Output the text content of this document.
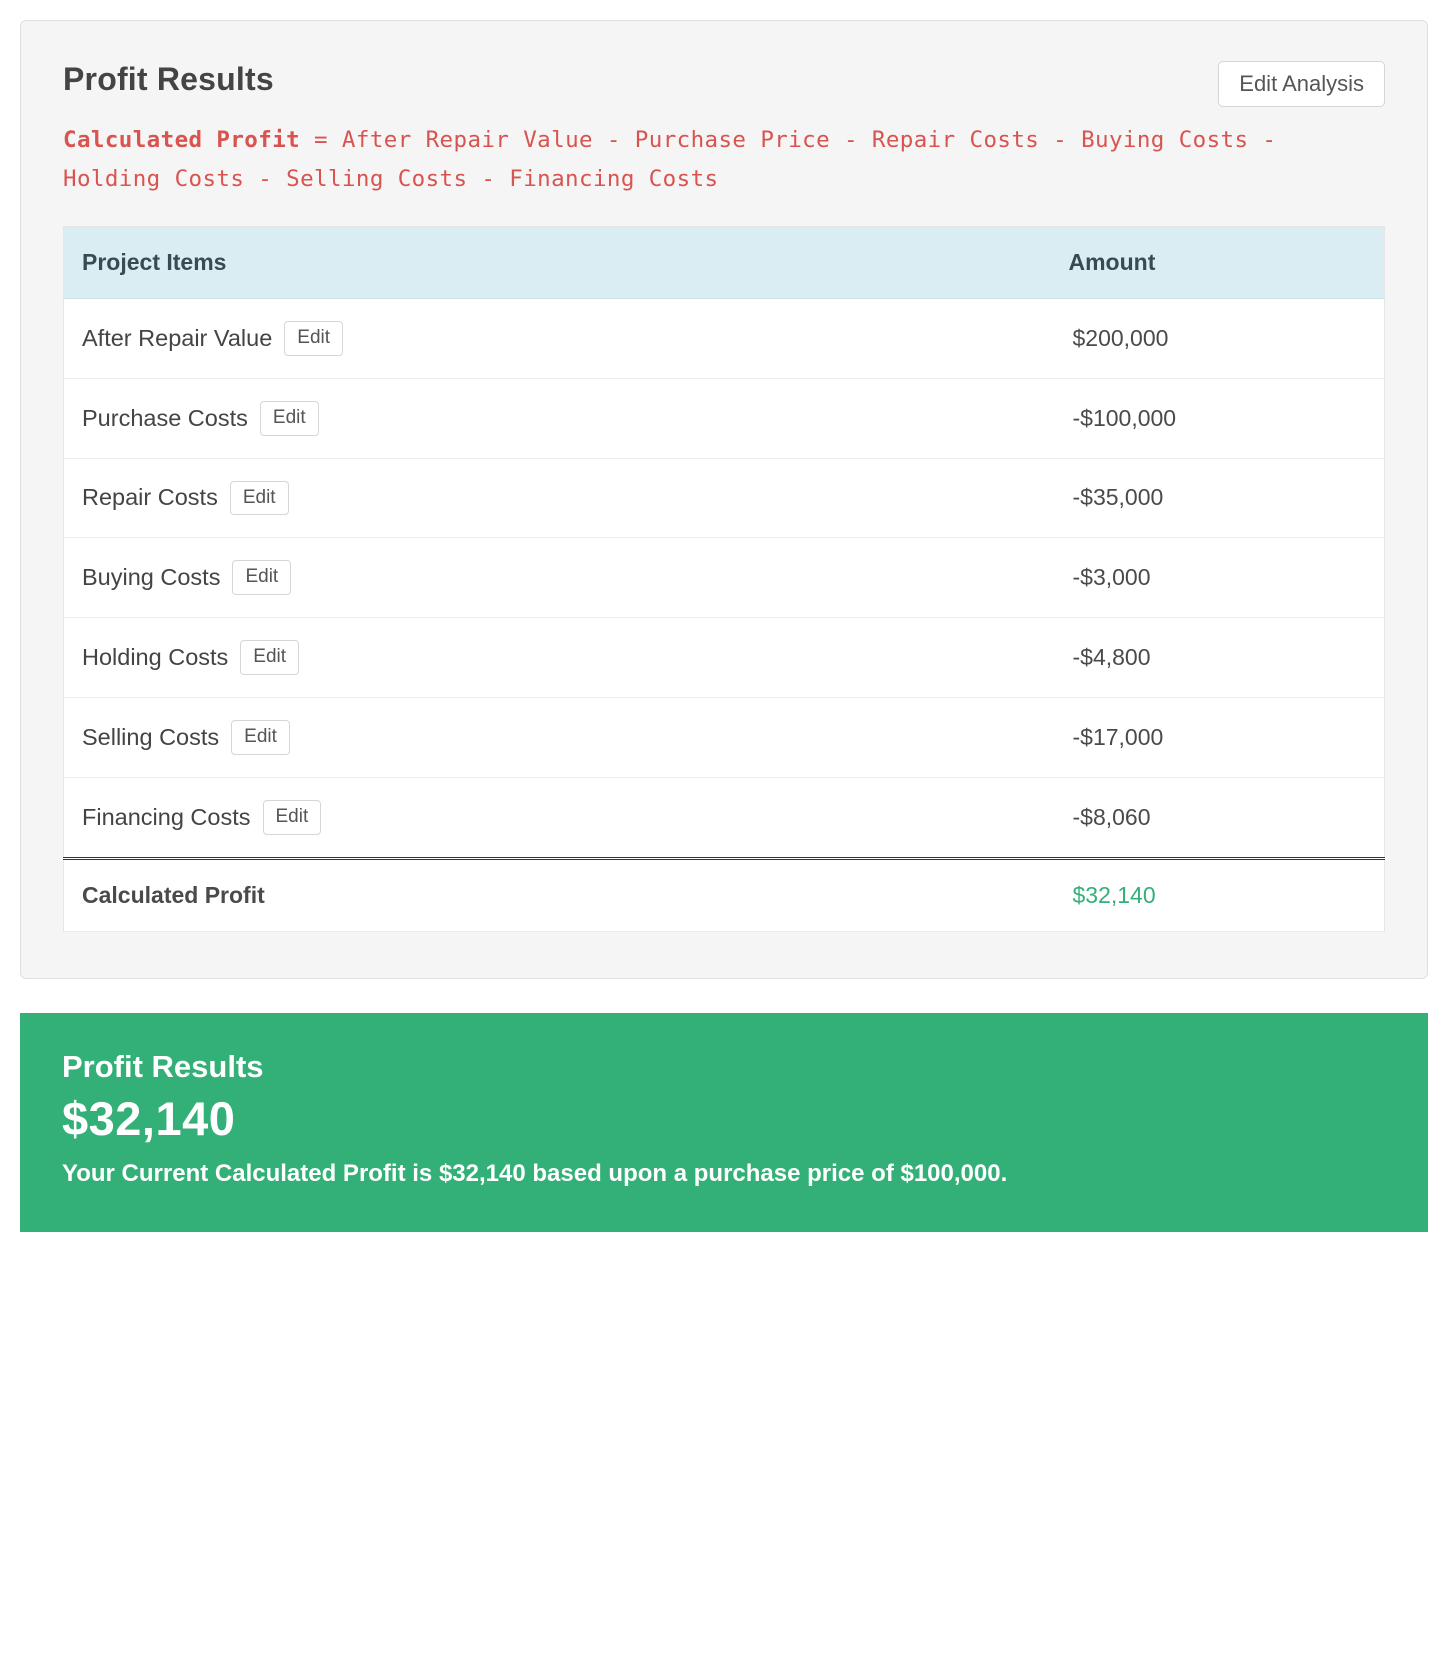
Profit Results	Edit Analysis
Calculated Profit = After Repair Value - Purchase Price - Repair Costs - Buying Costs - Holding Costs - Selling Costs - Financing Costs
Project Items	Amount

After Repair Value Edit	$200,000

Purchase Costs Edit	-$100,000

Repair Costs Edit	-$35,000

Buying Costs Edit	-$3,000

Holding Costs Edit	-$4,800

Selling Costs Edit	-$17,000

Financing Costs Edit	-$8,060
Calculated Profit	$32,140
Profit Results
$32,140
Your Current Calculated Profit is $32,140 based upon a purchase price of $100,000.
